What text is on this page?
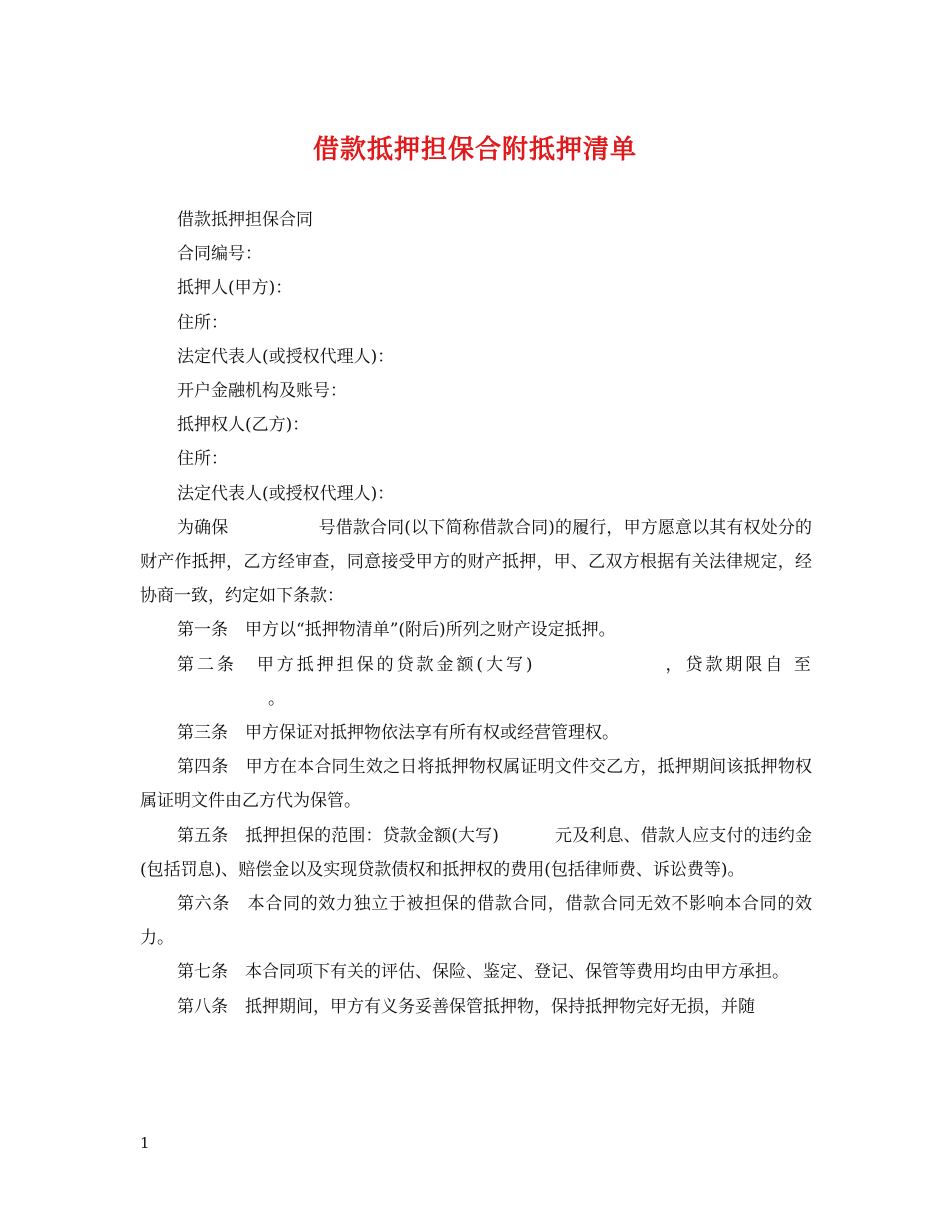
借款抵押担保合附抵押清单
借款抵押担保合同
合同编号：
抵押人(甲方)：
住所：
法定代表人(或授权代理人)：
开户金融机构及账号：
抵押权人(乙方)：
住所：
法定代表人(或授权代理人)：
为确保	号借款合同(以下简称借款合同)的履行，甲方愿意以其有权处分的财产作抵押，乙方经审查，同意接受甲方的财产抵押，甲、乙双方根据有关法律规定，经协商一致，约定如下条款：
第一条　甲方以“抵押物清单”(附后)所列之财产设定抵押。
第二条　甲方抵押担保的贷款金额(大写)	，贷款期限自 至。
第三条　甲方保证对抵押物依法享有所有权或经营管理权。
第四条　甲方在本合同生效之日将抵押物权属证明文件交乙方，抵押期间该抵押物权属证明文件由乙方代为保管。
第五条　抵押担保的范围：贷款金额(大写)	元及利息、借款人应支付的违约金(包括罚息)、赔偿金以及实现贷款债权和抵押权的费用(包括律师费、诉讼费等)。
第六条　本合同的效力独立于被担保的借款合同，借款合同无效不影响本合同的效力。
第七条　本合同项下有关的评估、保险、鉴定、登记、保管等费用均由甲方承担。
第八条　抵押期间，甲方有义务妥善保管抵押物，保持抵押物完好无损，并随
1
